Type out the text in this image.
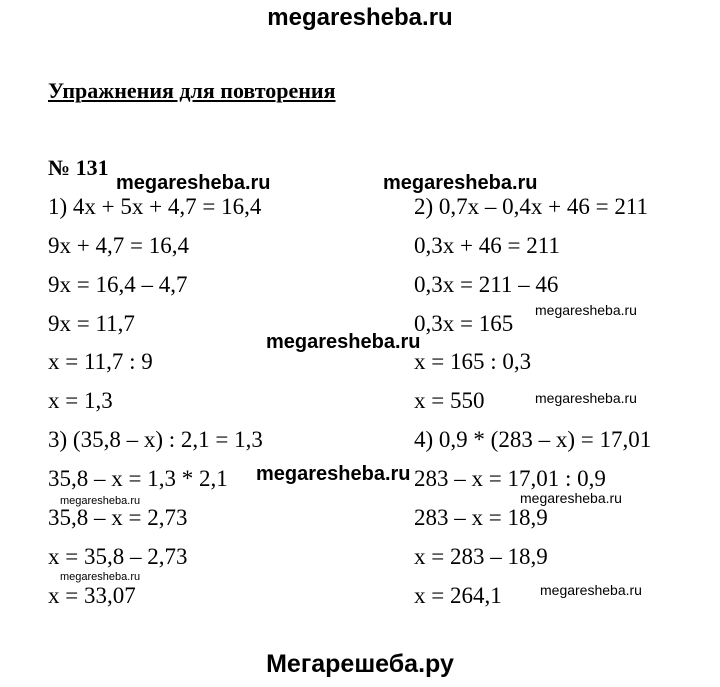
megaresheba.ru
Упражнения для повторения
№ 131
megaresheba.ru	megaresheba.ru
megaresheba.ru
megaresheba.ru
megaresheba.ru
megaresheba.ru
megaresheba.ru	megaresheba.ru
megaresheba.ru
megaresheba.ru
1) 4x + 5x + 4,7 = 16,4
9x + 4,7 = 16,4
9x = 16,4 – 4,7
9x = 11,7
x = 11,7 : 9
x = 1,3
3) (35,8 – x) : 2,1 = 1,3
35,8 – x = 1,3 * 2,1
35,8 – x = 2,73
x = 35,8 – 2,73
x = 33,07
2) 0,7x – 0,4x + 46 = 211
0,3x + 46 = 211
0,3x = 211 – 46
0,3x = 165
x = 165 : 0,3
x = 550
4) 0,9 * (283 – x) = 17,01
283 – x = 17,01 : 0,9
283 – x = 18,9
x = 283 – 18,9
x = 264,1
Мегарешеба.ру
